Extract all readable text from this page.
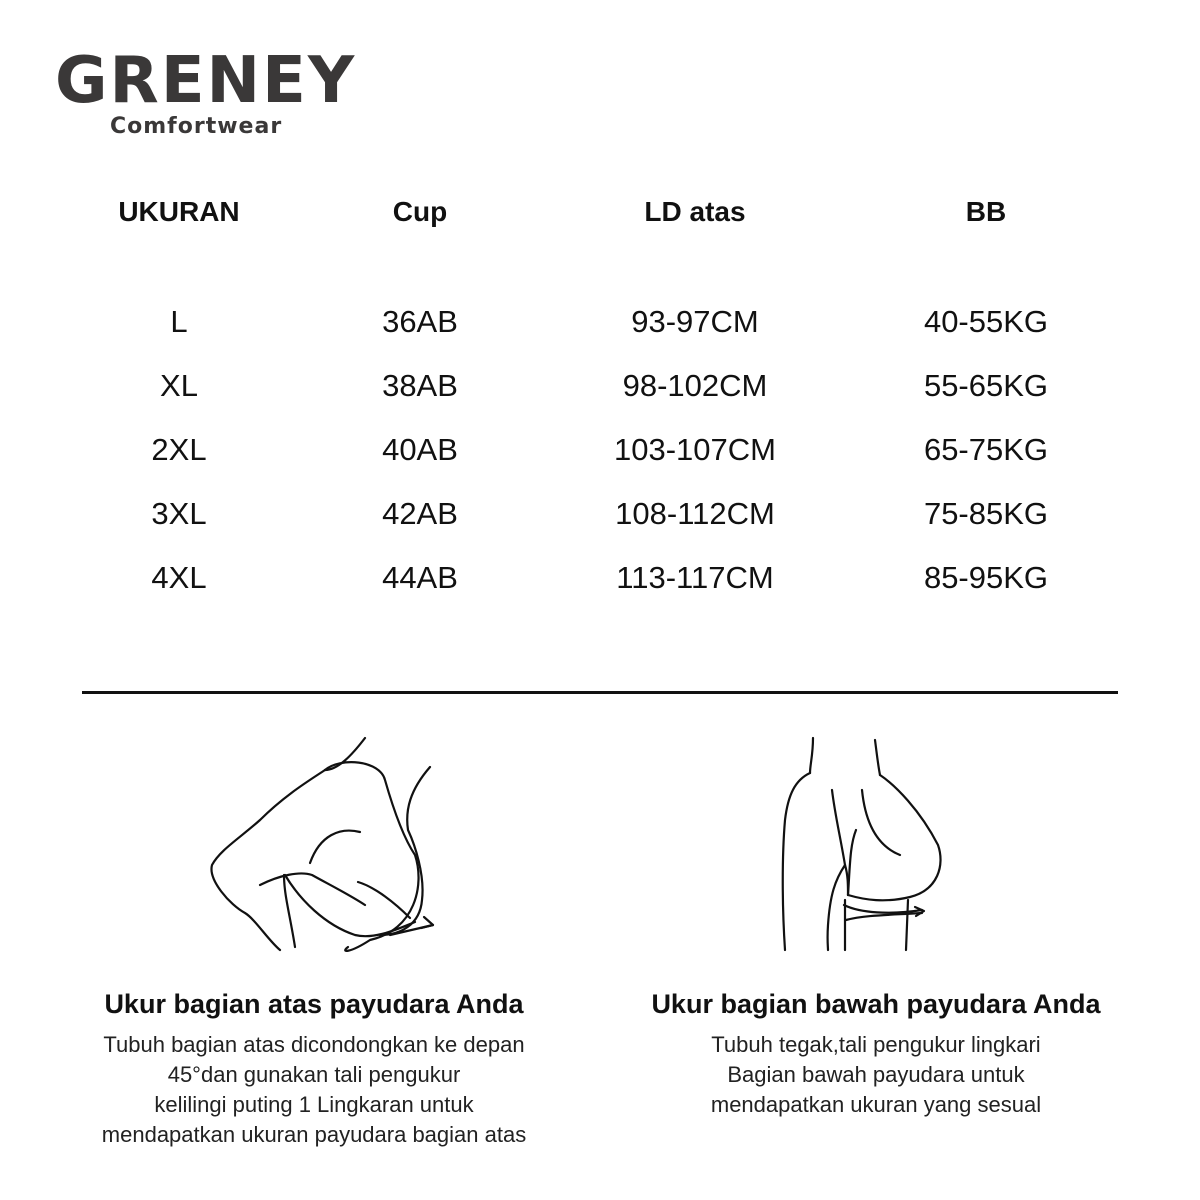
GRENEY
Comfortwear
UKURAN	Cup	LD atas	BB
L	36AB	93-97CM	40-55KG
XL	38AB	98-102CM	55-65KG
2XL	40AB	103-107CM	65-75KG
3XL	42AB	108-112CM	75-85KG
4XL	44AB	113-117CM	85-95KG
Ukur bagian atas payudara Anda
Tubuh bagian atas dicondongkan ke depan
45°dan gunakan tali pengukur
kelilingi puting 1 Lingkaran untuk
mendapatkan ukuran payudara bagian atas
Ukur bagian bawah payudara Anda
Tubuh tegak,tali pengukur lingkari
Bagian bawah payudara untuk
mendapatkan ukuran yang sesual
